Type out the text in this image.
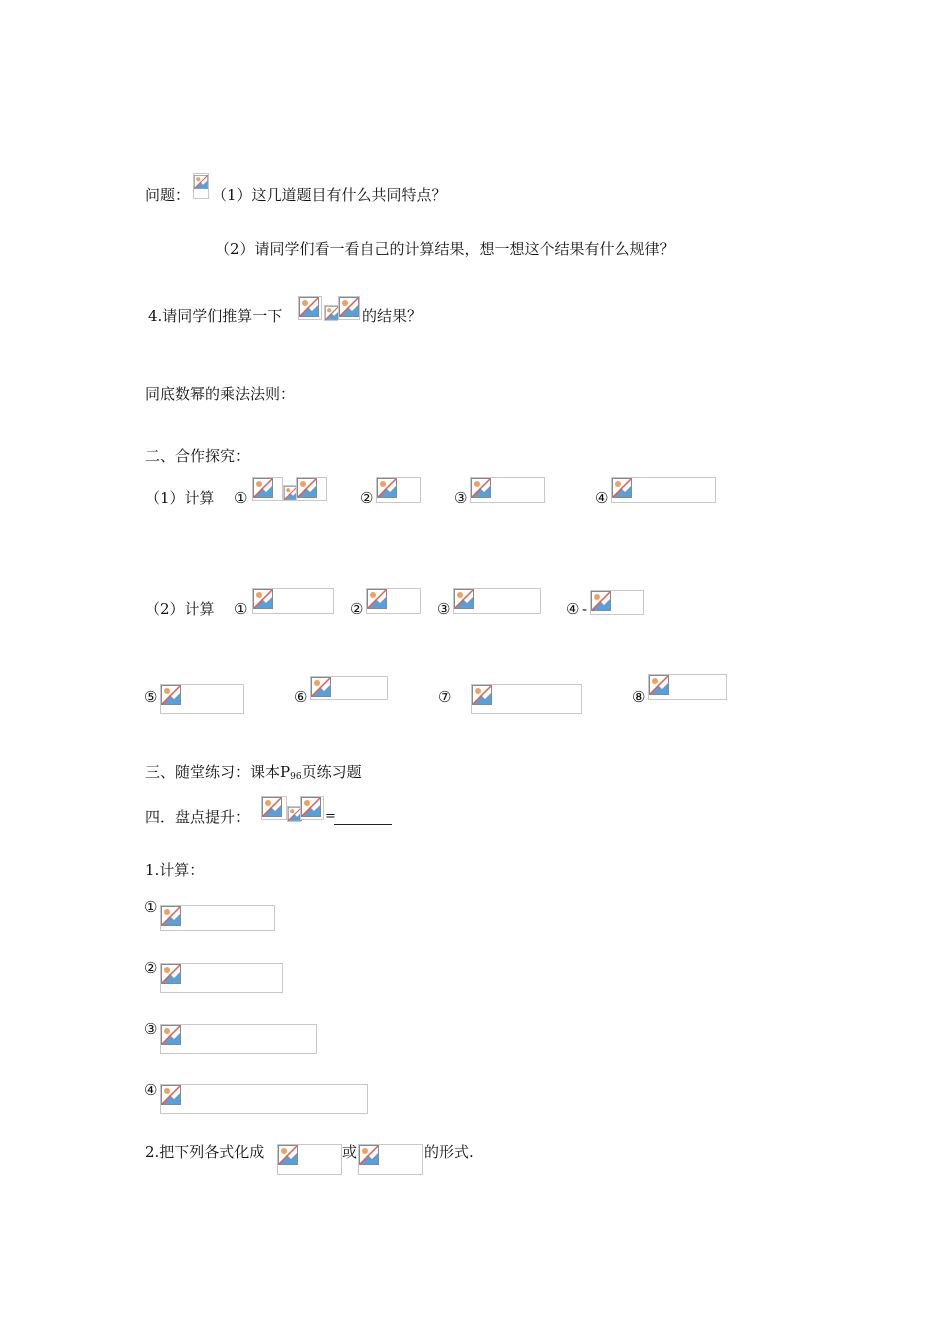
问题： （1）这几道题目有什么共同特点？
（2）请同学们看一看自己的计算结果，想一想这个结果有什么规律？
4.请同学们推算一下	的结果？
同底数幂的乘法法则：
二、合作探究：
（1）计算 ①	②	③	④
（2）计算 ①	②	③	④ -
⑤	⑥	⑦	⑧
三、随堂练习：课本$P_{96}$页练习题
四．盘点提升：	=
1.计算：
①
②
③
④
2.把下列各式化成	或	的形式.
